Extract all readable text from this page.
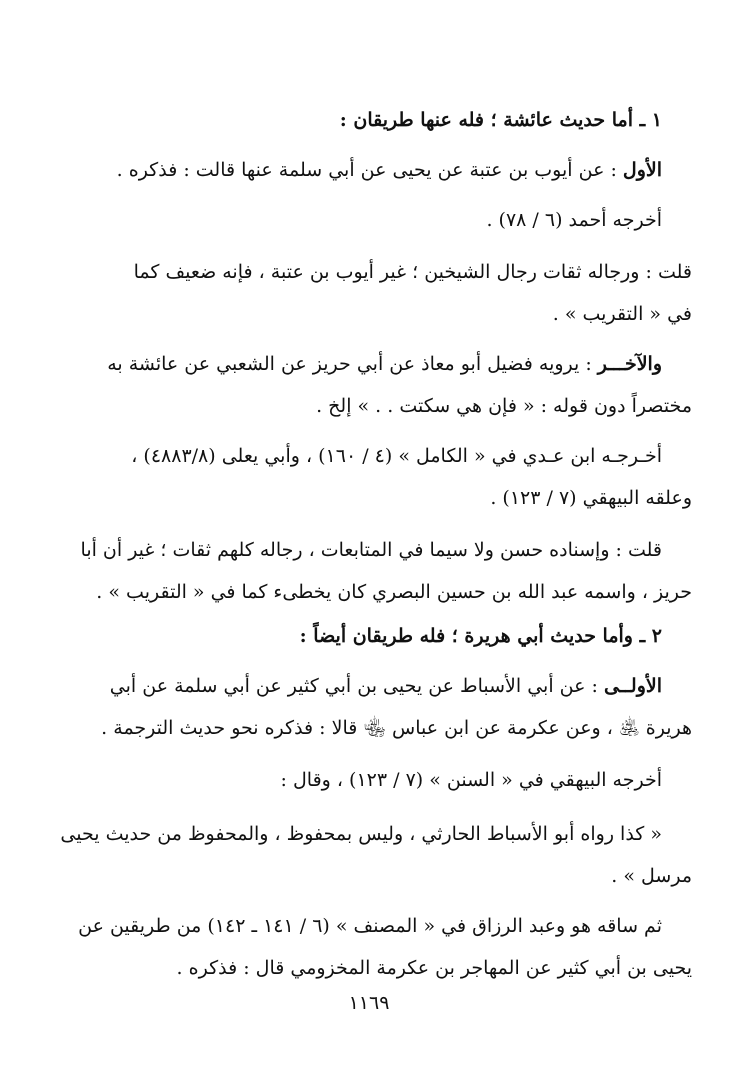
١ ـ أما حديث عائشة ؛ فله عنها طريقان :
الأول : عن أيوب بن عتبة عن يحيى عن أبي سلمة عنها قالت : فذكره .
أخرجه أحمد (٦ / ٧٨) .
قلت : ورجاله ثقات رجال الشيخين ؛ غير أيوب بن عتبة ، فإنه ضعيف كما
في « التقريب » .
والآخـــر : يرويه فضيل أبو معاذ عن أبي حريز عن الشعبي عن عائشة به
مختصراً دون قوله : « فإن هي سكتت . . » إلخ .
أخـرجـه ابن عـدي في « الكامل » (٤ / ١٦٠) ، وأبي يعلى (٤٨٨٣/٨) ،
وعلقه البيهقي (٧ / ١٢٣) .
قلت : وإسناده حسن ولا سيما في المتابعات ، رجاله كلهم ثقات ؛ غير أن أبا
حريز ، واسمه عبد الله بن حسين البصري كان يخطىء كما في « التقريب » .
٢ ـ وأما حديث أبي هريرة ؛ فله طريقان أيضاً :
الأولــى : عن أبي الأسباط عن يحيى بن أبي كثير عن أبي سلمة عن أبي
هريرة ﵁ ، وعن عكرمة عن ابن عباس ﵄ قالا : فذكره نحو حديث الترجمة .
أخرجه البيهقي في « السنن » (٧ / ١٢٣) ، وقال :
« كذا رواه أبو الأسباط الحارثي ، وليس بمحفوظ ، والمحفوظ من حديث يحيى
مرسل » .
ثم ساقه هو وعبد الرزاق في « المصنف » (٦ / ١٤١ ـ ١٤٢) من طريقين عن
يحيى بن أبي كثير عن المهاجر بن عكرمة المخزومي قال : فذكره .
١١٦٩
